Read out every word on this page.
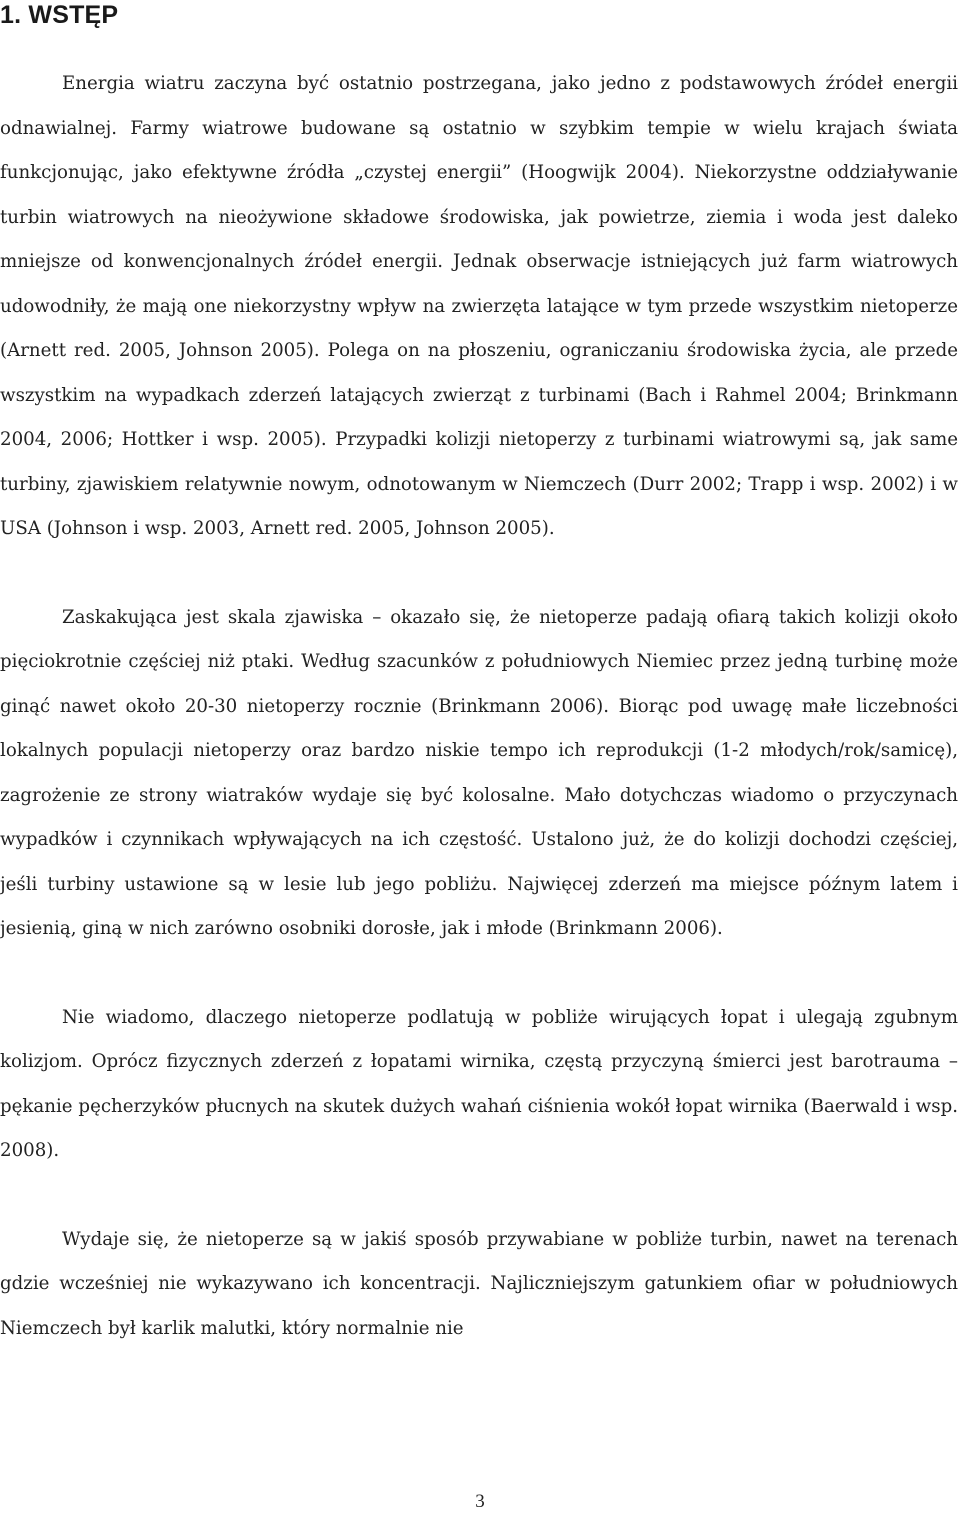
1. WSTĘP

Energia wiatru zaczyna być ostatnio postrzegana, jako jedno z podstawowych źródeł energii odnawialnej. Farmy wiatrowe budowane są ostatnio w szybkim tempie w wielu krajach świata funkcjonując, jako efektywne źródła „czystej energii” (Hoogwijk 2004). Niekorzystne oddziaływanie turbin wiatrowych na nieożywione składowe środowiska, jak powietrze, ziemia i woda jest daleko mniejsze od konwencjonalnych źródeł energii. Jednak obserwacje istniejących już farm wiatrowych udowodniły, że mają one niekorzystny wpływ na zwierzęta latające w tym przede wszystkim nietoperze (Arnett red. 2005, Johnson 2005). Polega on na płoszeniu, ograniczaniu środowiska życia, ale przede wszystkim na wypadkach zderzeń latających zwierząt z turbinami (Bach i Rahmel 2004; Brinkmann 2004, 2006; Hottker i wsp. 2005). Przypadki kolizji nietoperzy z turbinami wiatrowymi są, jak same turbiny, zjawiskiem relatywnie nowym, odnotowanym w Niemczech (Durr 2002; Trapp i wsp. 2002) i w USA (Johnson i wsp. 2003, Arnett red. 2005, Johnson 2005).

Zaskakująca jest skala zjawiska – okazało się, że nietoperze padają ofiarą takich kolizji około pięciokrotnie częściej niż ptaki. Według szacunków z południowych Niemiec przez jedną turbinę może ginąć nawet około 20-30 nietoperzy rocznie (Brinkmann 2006). Biorąc pod uwagę małe liczebności lokalnych populacji nietoperzy oraz bardzo niskie tempo ich reprodukcji (1-2 młodych/rok/samicę), zagrożenie ze strony wiatraków wydaje się być kolosalne. Mało dotychczas wiadomo o przyczynach wypadków i czynnikach wpływających na ich częstość. Ustalono już, że do kolizji dochodzi częściej, jeśli turbiny ustawione są w lesie lub jego pobliżu. Najwięcej zderzeń ma miejsce późnym latem i jesienią, giną w nich zarówno osobniki dorosłe, jak i młode (Brinkmann 2006).

Nie wiadomo, dlaczego nietoperze podlatują w pobliże wirujących łopat i ulegają zgubnym kolizjom. Oprócz fizycznych zderzeń z łopatami wirnika, częstą przyczyną śmierci jest barotrauma – pękanie pęcherzyków płucnych na skutek dużych wahań ciśnienia wokół łopat wirnika (Baerwald i wsp. 2008).

Wydaje się, że nietoperze są w jakiś sposób przywabiane w pobliże turbin, nawet na terenach gdzie wcześniej nie wykazywano ich koncentracji. Najliczniejszym gatunkiem ofiar w południowych Niemczech był karlik malutki, który normalnie nie

3
